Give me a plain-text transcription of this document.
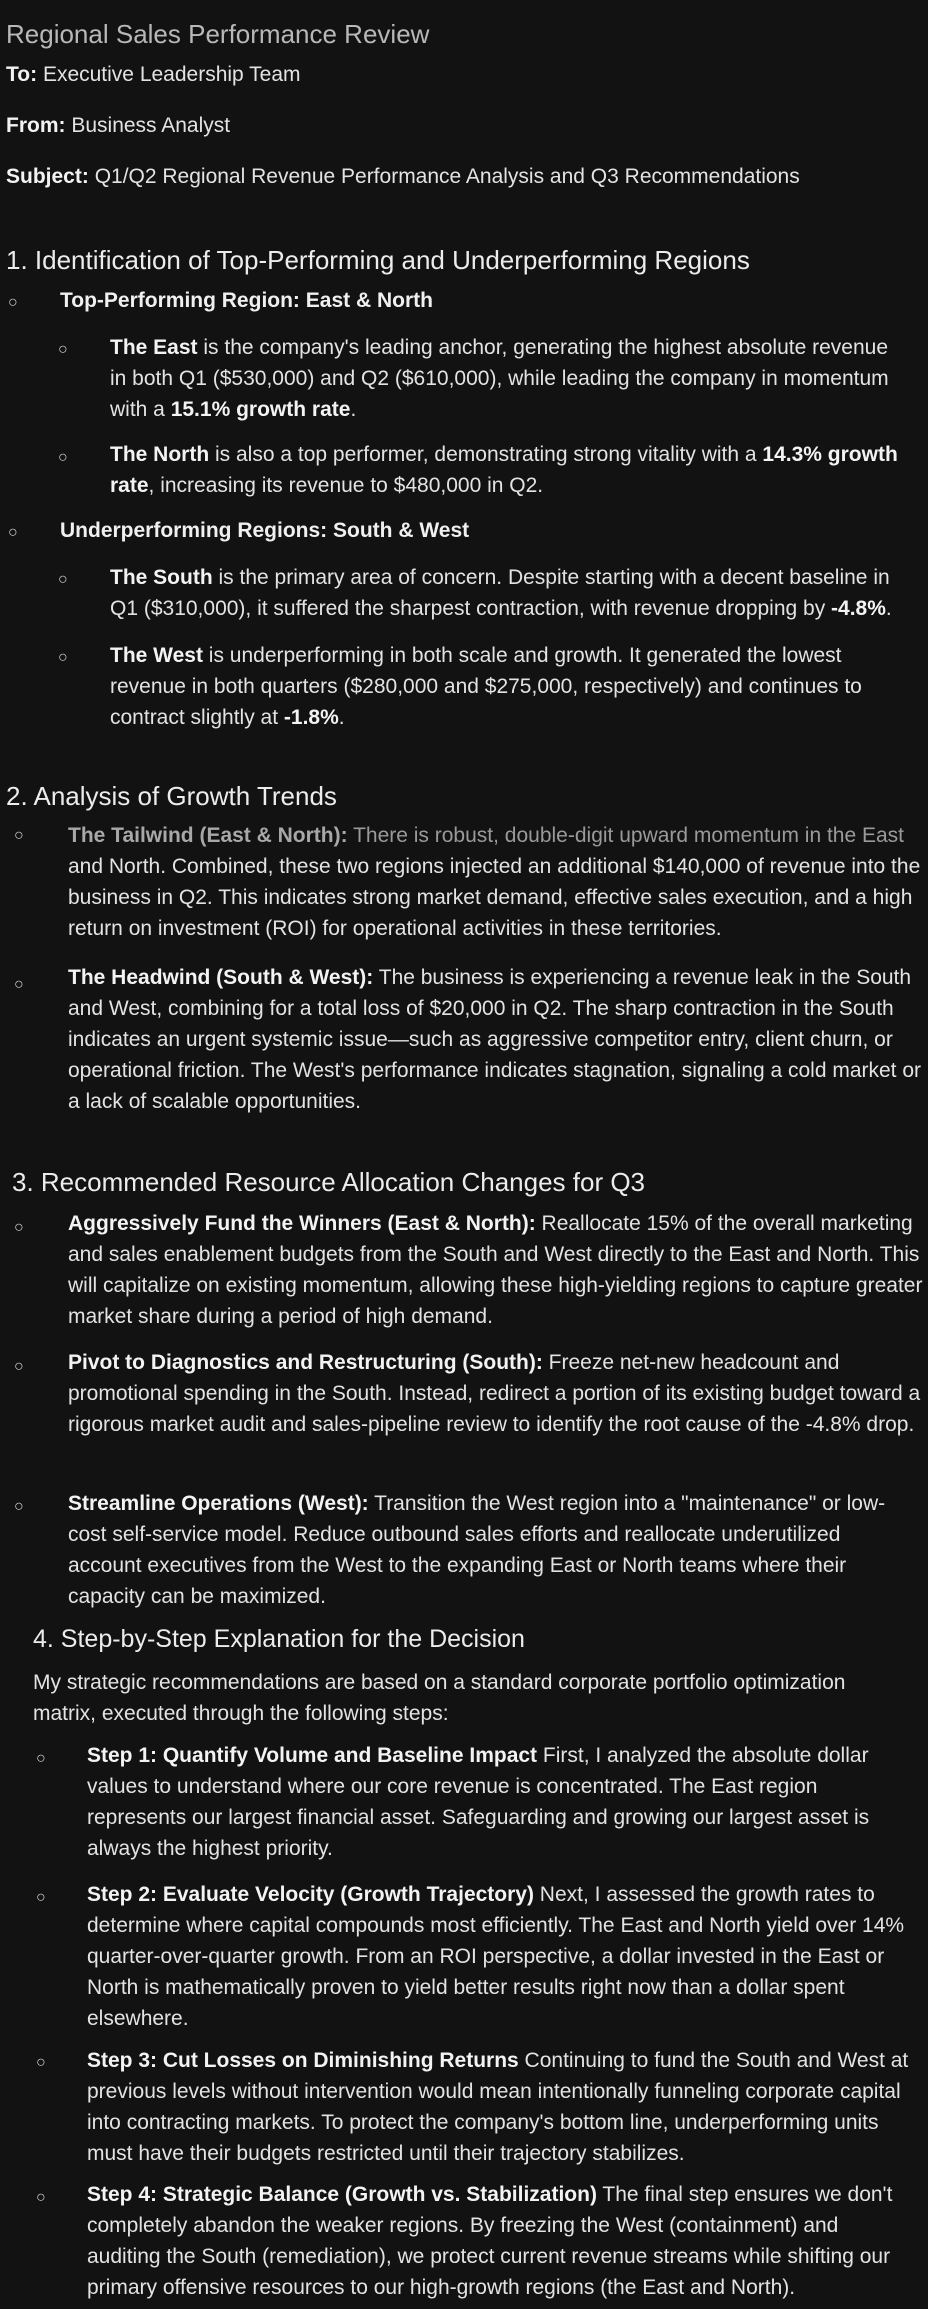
Regional Sales Performance Review
To: Executive Leadership Team
From: Business Analyst
Subject: Q1/Q2 Regional Revenue Performance Analysis and Q3 Recommendations
1. Identification of Top-Performing and Underperforming Regions
○ Top-Performing Region: East & North
○ The East is the company's leading anchor, generating the highest absolute revenue in both Q1 ($530,000) and Q2 ($610,000), while leading the company in momentum with a 15.1% growth rate.
○ The North is also a top performer, demonstrating strong vitality with a 14.3% growth rate, increasing its revenue to $480,000 in Q2.
○ Underperforming Regions: South & West
○ The South is the primary area of concern. Despite starting with a decent baseline in Q1 ($310,000), it suffered the sharpest contraction, with revenue dropping by -4.8%.
○ The West is underperforming in both scale and growth. It generated the lowest revenue in both quarters ($280,000 and $275,000, respectively) and continues to contract slightly at -1.8%.
2. Analysis of Growth Trends
○ The Tailwind (East & North): There is robust, double-digit upward momentum in the East
and North. Combined, these two regions injected an additional $140,000 of revenue into the business in Q2. This indicates strong market demand, effective sales execution, and a high return on investment (ROI) for operational activities in these territories.
○ The Headwind (South & West): The business is experiencing a revenue leak in the South and West, combining for a total loss of $20,000 in Q2. The sharp contraction in the South indicates an urgent systemic issue—such as aggressive competitor entry, client churn, or operational friction. The West's performance indicates stagnation, signaling a cold market or a lack of scalable opportunities.
3. Recommended Resource Allocation Changes for Q3
○ Aggressively Fund the Winners (East & North): Reallocate 15% of the overall marketing and sales enablement budgets from the South and West directly to the East and North. This will capitalize on existing momentum, allowing these high-yielding regions to capture greater market share during a period of high demand.
○ Pivot to Diagnostics and Restructuring (South): Freeze net-new headcount and promotional spending in the South. Instead, redirect a portion of its existing budget toward a rigorous market audit and sales-pipeline review to identify the root cause of the -4.8% drop.
○ Streamline Operations (West): Transition the West region into a "maintenance" or low-cost self-service model. Reduce outbound sales efforts and reallocate underutilized account executives from the West to the expanding East or North teams where their capacity can be maximized.
4. Step-by-Step Explanation for the Decision
My strategic recommendations are based on a standard corporate portfolio optimization matrix, executed through the following steps:
○ Step 1: Quantify Volume and Baseline Impact First, I analyzed the absolute dollar values to understand where our core revenue is concentrated. The East region represents our largest financial asset. Safeguarding and growing our largest asset is always the highest priority.
○ Step 2: Evaluate Velocity (Growth Trajectory) Next, I assessed the growth rates to determine where capital compounds most efficiently. The East and North yield over 14% quarter-over-quarter growth. From an ROI perspective, a dollar invested in the East or North is mathematically proven to yield better results right now than a dollar spent elsewhere.
○ Step 3: Cut Losses on Diminishing Returns Continuing to fund the South and West at previous levels without intervention would mean intentionally funneling corporate capital into contracting markets. To protect the company's bottom line, underperforming units must have their budgets restricted until their trajectory stabilizes.
○ Step 4: Strategic Balance (Growth vs. Stabilization) The final step ensures we don't completely abandon the weaker regions. By freezing the West (containment) and auditing the South (remediation), we protect current revenue streams while shifting our primary offensive resources to our high-growth regions (the East and North).
